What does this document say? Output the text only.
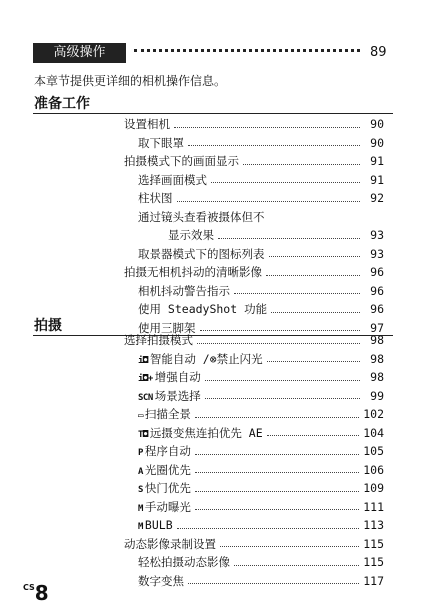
高级操作	89
本章节提供更详细的相机操作信息。
准备工作
设置相机	90
取下眼罩	90
拍摄模式下的画面显示	91
选择画面模式	91
柱状图	92
通过镜头查看被摄体但不
显示效果	93
取景器模式下的图标列表	93
拍摄无相机抖动的清晰影像	96
相机抖动警告指示	96
使用 SteadyShot 功能	96
使用三脚架	97
拍摄
选择拍摄模式	98
i◘ 智能自动 /⊗禁止闪光	98
i◘+ 增强自动	98
SCN 场景选择	99
▭ 扫描全景	102
T◘ 远摄变焦连拍优先 AE	104
P 程序自动	105
A 光圈优先	106
S 快门优先	109
M 手动曝光	111
M BULB	113
动态影像录制设置	115
轻松拍摄动态影像	115
数字变焦	117
$^{CS}$8
